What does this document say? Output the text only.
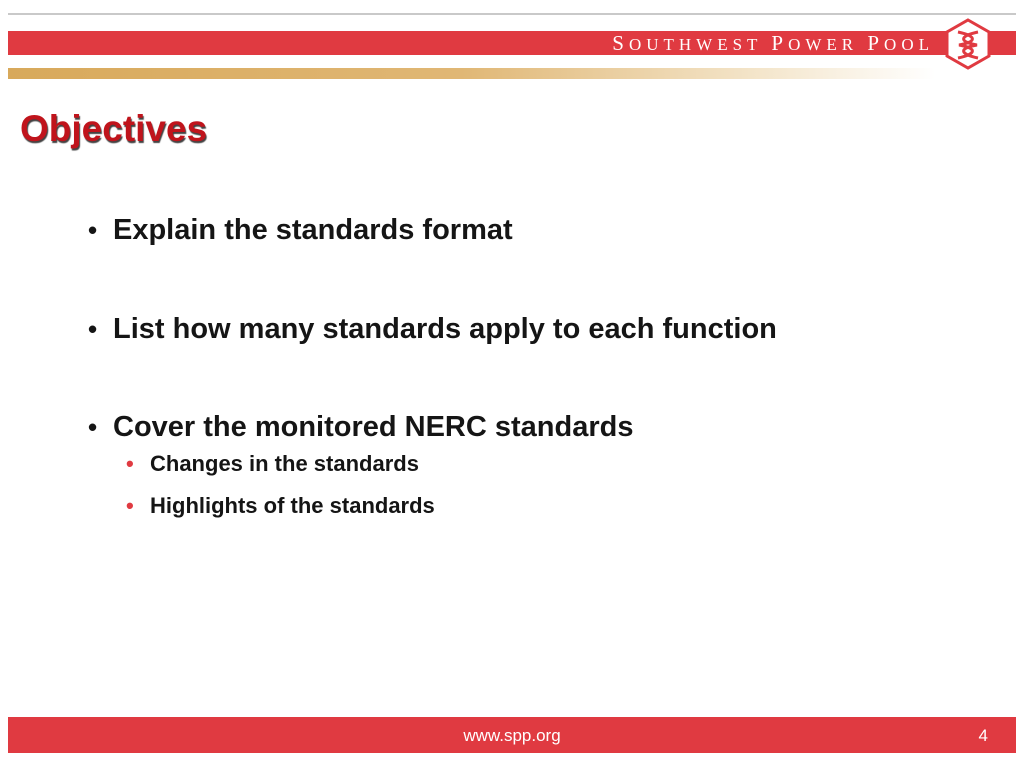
SOUTHWEST POWER POOL
Objectives
• Explain the standards format
• List how many standards apply to each function
• Cover the monitored NERC standards
• Changes in the standards
• Highlights of the standards
www.spp.org	4
